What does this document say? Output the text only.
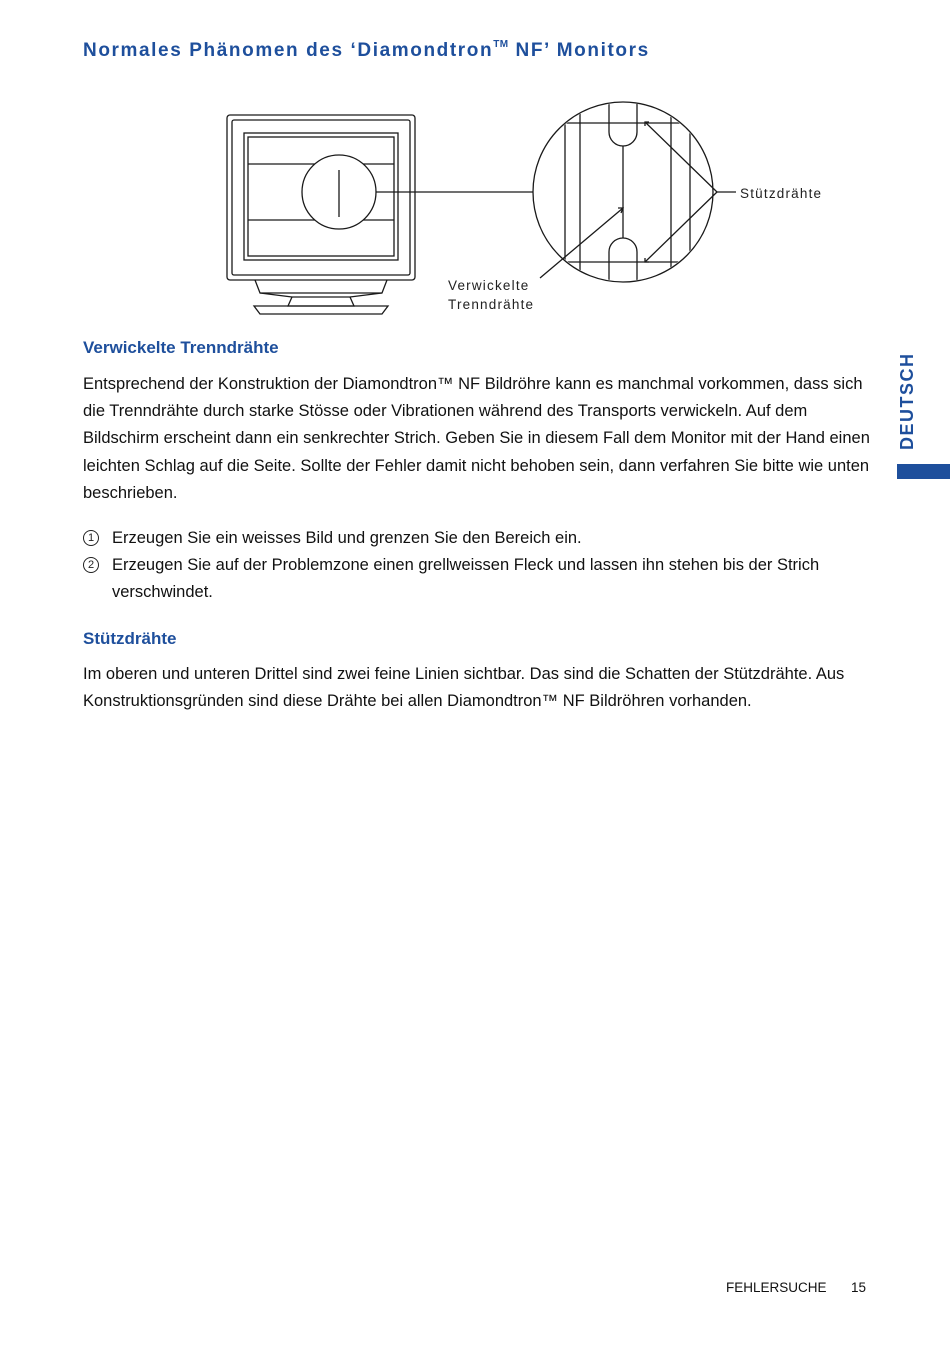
Normales Phänomen des ‘Diamondtron™ NF’ Monitors
Stützdrähte
Verwickelte
Trenndrähte
Verwickelte Trenndrähte

Entsprechend der Konstruktion der Diamondtron™ NF Bildröhre kann es manchmal vorkommen, dass sich die Trenndrähte durch starke Stösse oder Vibrationen während des Transports verwickeln. Auf dem Bildschirm erscheint dann ein senkrechter Strich. Geben Sie in diesem Fall dem Monitor mit der Hand einen leichten Schlag auf die Seite. Sollte der Fehler damit nicht behoben sein, dann verfahren Sie bitte wie unten beschrieben.

1 Erzeugen Sie ein weisses Bild und grenzen Sie den Bereich ein.
2 Erzeugen Sie auf der Problemzone einen grellweissen Fleck und lassen ihn stehen bis der Strich verschwindet.
Stützdrähte

Im oberen und unteren Drittel sind zwei feine Linien sichtbar. Das sind die Schatten der Stützdrähte. Aus Konstruktionsgründen sind diese Drähte bei allen Diamondtron™ NF Bildröhren vorhanden.

DEUTSCH
FEHLERSUCHE 15
